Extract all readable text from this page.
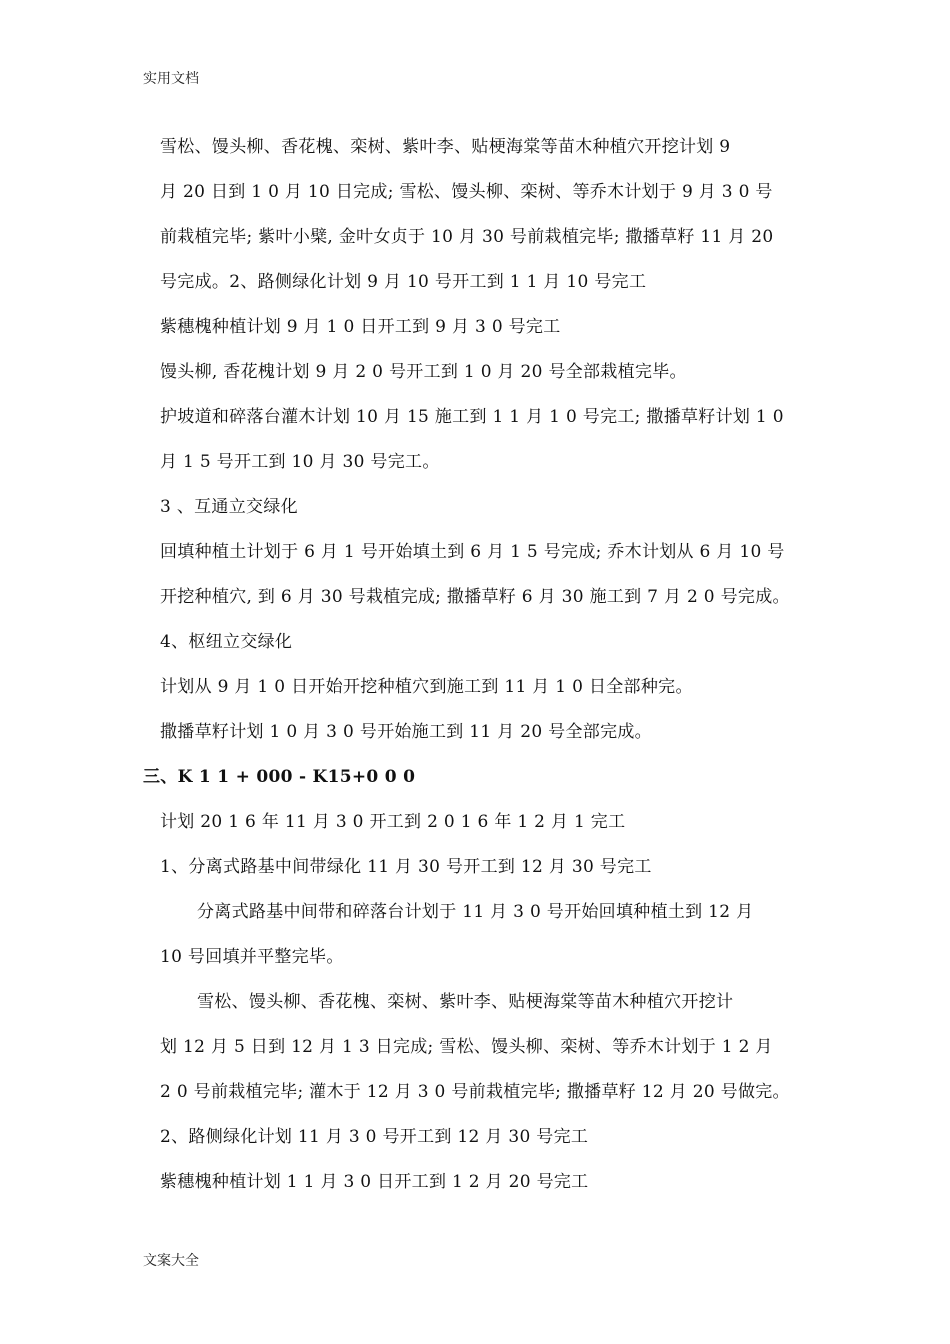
实用文档
雪松、馒头柳、香花槐、栾树、紫叶李、贴梗海棠等苗木种植穴开挖计划 9
月 20 日到 1 0 月 10 日完成; 雪松、馒头柳、栾树、等乔木计划于 9 月 3 0 号
前栽植完毕; 紫叶小檗, 金叶女贞于 10 月 30 号前栽植完毕; 撒播草籽 11 月 20
号完成。2、路侧绿化计划 9 月 10 号开工到 1 1 月 10 号完工
紫穗槐种植计划 9 月 1 0 日开工到 9 月 3 0 号完工
馒头柳, 香花槐计划 9 月 2 0 号开工到 1 0 月 20 号全部栽植完毕。
护坡道和碎落台灌木计划 10 月 15 施工到 1 1 月 1 0 号完工; 撒播草籽计划 1 0
月 1 5 号开工到 10 月 30 号完工。
3 、互通立交绿化
回填种植土计划于 6 月 1 号开始填土到 6 月 1 5 号完成; 乔木计划从 6 月 10 号
开挖种植穴, 到 6 月 30 号栽植完成; 撒播草籽 6 月 30 施工到 7 月 2 0 号完成。
4、枢纽立交绿化
计划从 9 月 1 0 日开始开挖种植穴到施工到 11 月 1 0 日全部种完。
撒播草籽计划 1 0 月 3 0 号开始施工到 11 月 20 号全部完成。
三、K 1 1 + 000 - K15+0 0 0
计划 20 1 6 年 11 月 3 0 开工到 2 0 1 6 年 1 2 月 1 完工
1、分离式路基中间带绿化 11 月 30 号开工到 12 月 30 号完工
分离式路基中间带和碎落台计划于 11 月 3 0 号开始回填种植土到 12 月
10 号回填并平整完毕。
雪松、馒头柳、香花槐、栾树、紫叶李、贴梗海棠等苗木种植穴开挖计
划 12 月 5 日到 12 月 1 3 日完成; 雪松、馒头柳、栾树、等乔木计划于 1 2 月
2 0 号前栽植完毕; 灌木于 12 月 3 0 号前栽植完毕; 撒播草籽 12 月 20 号做完。
2、路侧绿化计划 11 月 3 0 号开工到 12 月 30 号完工
紫穗槐种植计划 1 1 月 3 0 日开工到 1 2 月 20 号完工
文案大全
